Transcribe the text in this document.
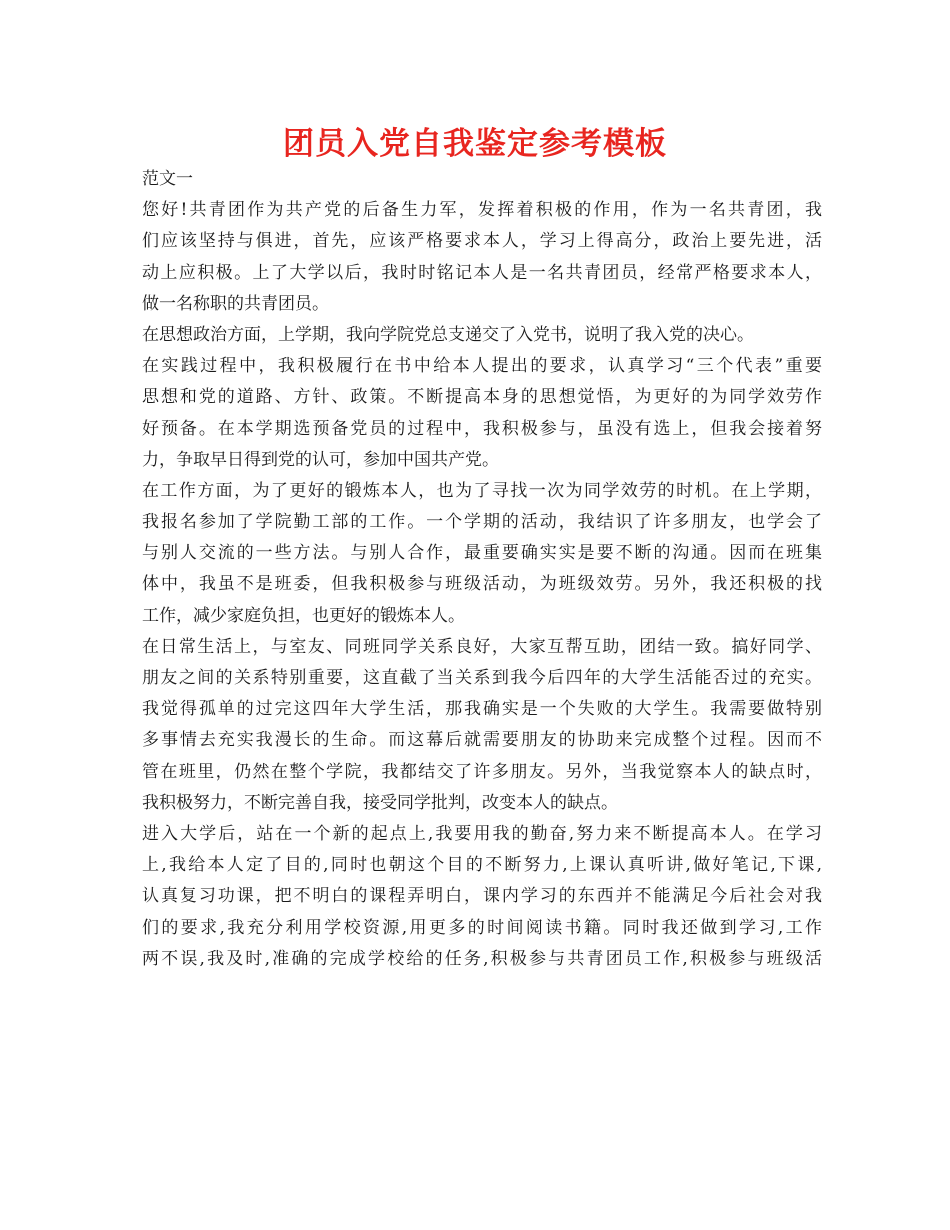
团员入党自我鉴定参考模板
范文一
您好!共青团作为共产党的后备生力军，发挥着积极的作用，作为一名共青团，我
们应该坚持与俱进，首先，应该严格要求本人，学习上得高分，政治上要先进，活
动上应积极。上了大学以后，我时时铭记本人是一名共青团员，经常严格要求本人，
做一名称职的共青团员。
在思想政治方面，上学期，我向学院党总支递交了入党书，说明了我入党的决心。
在实践过程中，我积极履行在书中给本人提出的要求，认真学习“三个代表”重要
思想和党的道路、方针、政策。不断提高本身的思想觉悟，为更好的为同学效劳作
好预备。在本学期选预备党员的过程中，我积极参与，虽没有选上，但我会接着努
力，争取早日得到党的认可，参加中国共产党。
在工作方面，为了更好的锻炼本人，也为了寻找一次为同学效劳的时机。在上学期，
我报名参加了学院勤工部的工作。一个学期的活动，我结识了许多朋友，也学会了
与别人交流的一些方法。与别人合作，最重要确实实是要不断的沟通。因而在班集
体中，我虽不是班委，但我积极参与班级活动，为班级效劳。另外，我还积极的找
工作，减少家庭负担，也更好的锻炼本人。
在日常生活上，与室友、同班同学关系良好，大家互帮互助，团结一致。搞好同学、
朋友之间的关系特别重要，这直截了当关系到我今后四年的大学生活能否过的充实。
我觉得孤单的过完这四年大学生活，那我确实是一个失败的大学生。我需要做特别
多事情去充实我漫长的生命。而这幕后就需要朋友的协助来完成整个过程。因而不
管在班里，仍然在整个学院，我都结交了许多朋友。另外，当我觉察本人的缺点时，
我积极努力，不断完善自我，接受同学批判，改变本人的缺点。
进入大学后，站在一个新的起点上,我要用我的勤奋,努力来不断提高本人。在学习
上,我给本人定了目的,同时也朝这个目的不断努力,上课认真听讲,做好笔记,下课,
认真复习功课，把不明白的课程弄明白，课内学习的东西并不能满足今后社会对我
们的要求,我充分利用学校资源,用更多的时间阅读书籍。同时我还做到学习,工作
两不误,我及时,准确的完成学校给的任务,积极参与共青团员工作,积极参与班级活
